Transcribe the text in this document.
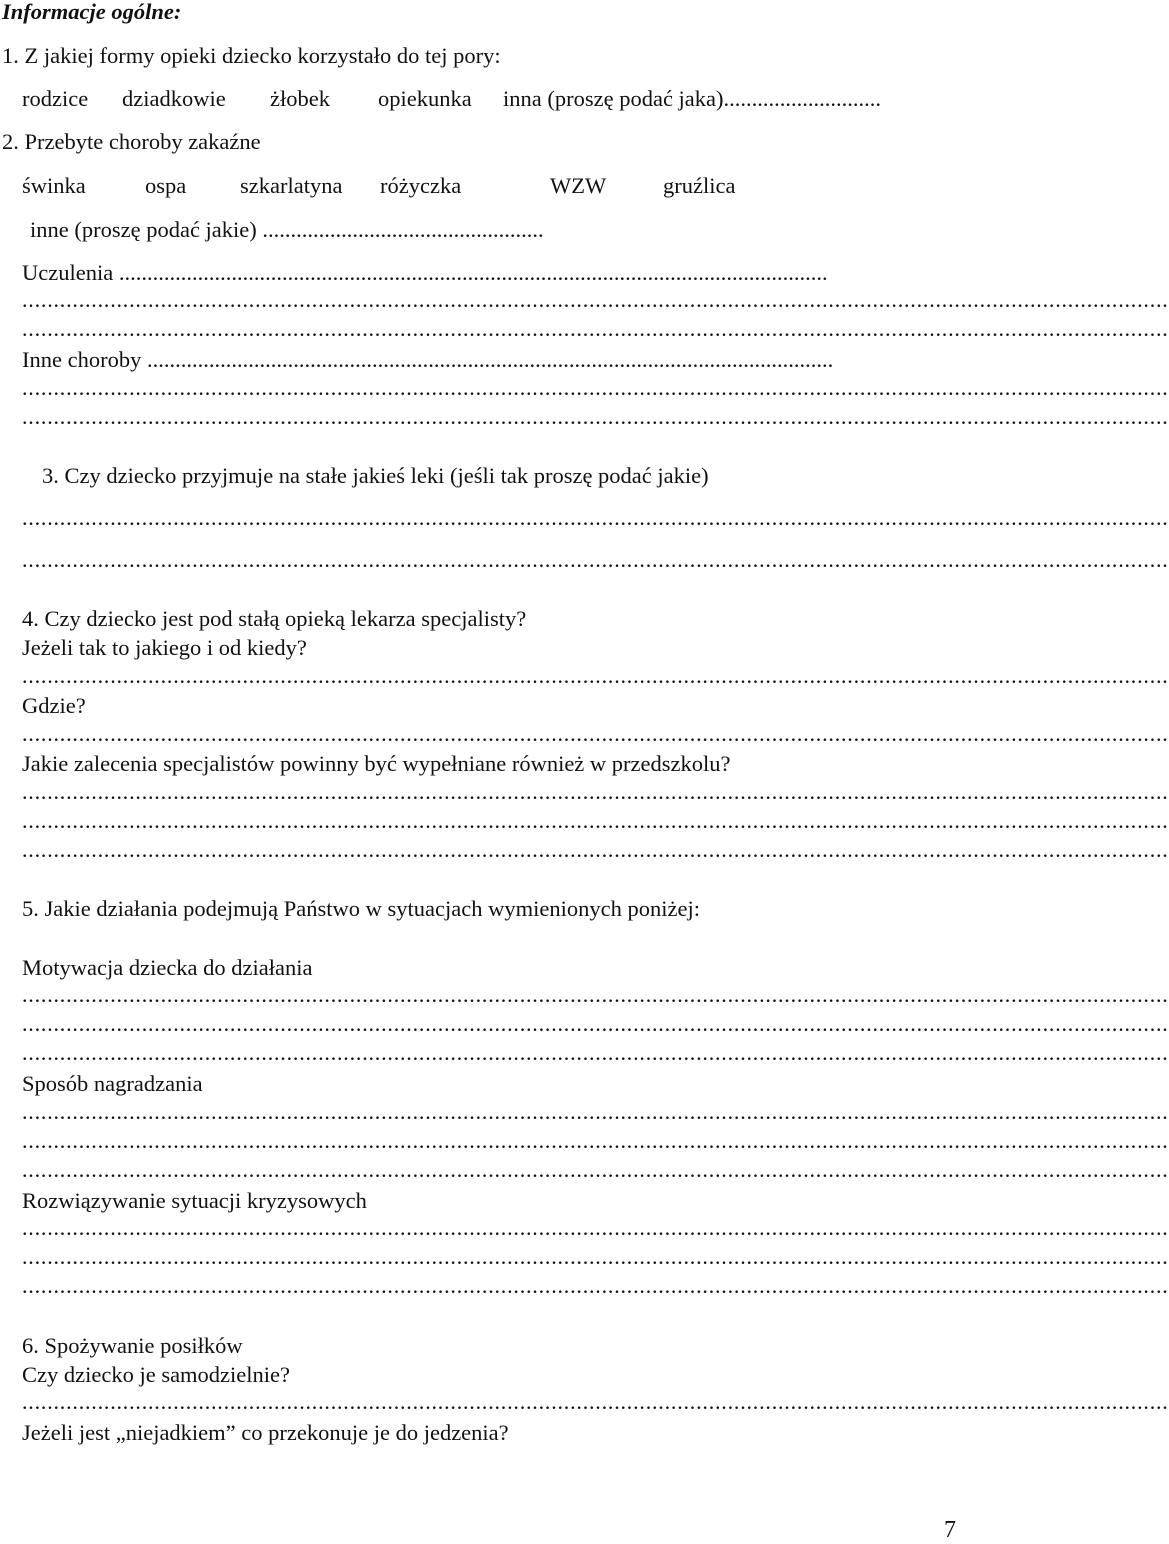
Informacje ogólne:
1. Z jakiej formy opieki dziecko korzystało do tej pory:
rodzice dziadkowie żłobek opiekunka inna (proszę podać jaka)............................
2. Przebyte choroby zakaźne
świnka	ospa szkarlatyna różyczka	WZW	gruźlica
inne (proszę podać jakie) ..................................................
Uczulenia ..............................................................................................................................
......................................................................................................................................................................................
......................................................................................................................................................................................
Inne choroby ..........................................................................................................................
......................................................................................................................................................................................
......................................................................................................................................................................................
3. Czy dziecko przyjmuje na stałe jakieś leki (jeśli tak proszę podać jakie)
......................................................................................................................................................................................
......................................................................................................................................................................................
4. Czy dziecko jest pod stałą opieką lekarza specjalisty?
Jeżeli tak to jakiego i od kiedy?
......................................................................................................................................................................................
Gdzie?
......................................................................................................................................................................................
Jakie zalecenia specjalistów powinny być wypełniane również w przedszkolu?
......................................................................................................................................................................................
......................................................................................................................................................................................
......................................................................................................................................................................................
5. Jakie działania podejmują Państwo w sytuacjach wymienionych poniżej:
Motywacja dziecka do działania
......................................................................................................................................................................................
......................................................................................................................................................................................
......................................................................................................................................................................................
Sposób nagradzania
......................................................................................................................................................................................
......................................................................................................................................................................................
......................................................................................................................................................................................
Rozwiązywanie sytuacji kryzysowych
......................................................................................................................................................................................
......................................................................................................................................................................................
......................................................................................................................................................................................
6. Spożywanie posiłków
Czy dziecko je samodzielnie?
......................................................................................................................................................................................
Jeżeli jest „niejadkiem” co przekonuje je do jedzenia?
7
